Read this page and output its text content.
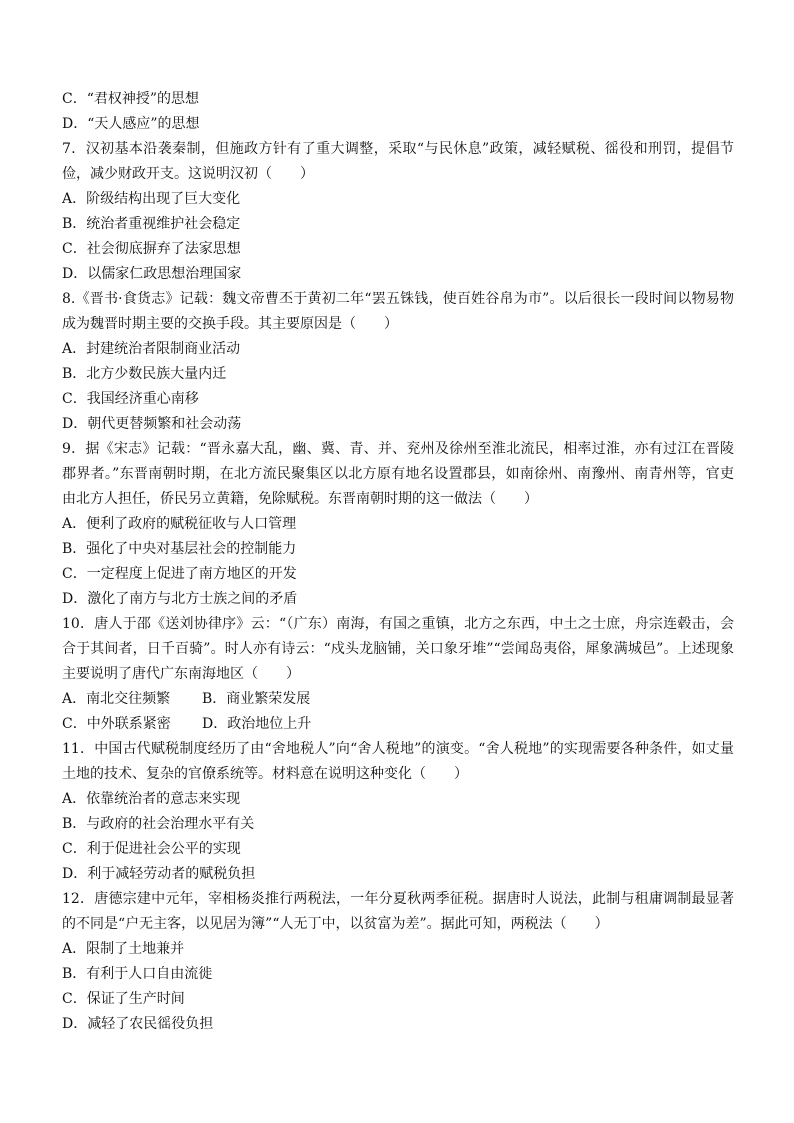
C．“君权神授”的思想

D．“天人感应”的思想

7．汉初基本沿袭秦制，但施政方针有了重大调整，采取“与民休息”政策，减轻赋税、徭役和刑罚，提倡节俭，减少财政开支。这说明汉初（　　）

A．阶级结构出现了巨大变化

B．统治者重视维护社会稳定

C．社会彻底摒弃了法家思想

D．以儒家仁政思想治理国家

8.《晋书·食货志》记载：魏文帝曹丕于黄初二年“罢五铢钱，使百姓谷帛为市”。以后很长一段时间以物易物成为魏晋时期主要的交换手段。其主要原因是（　　）

A．封建统治者限制商业活动

B．北方少数民族大量内迁

C．我国经济重心南移

D．朝代更替频繁和社会动荡

9．据《宋志》记载：“晋永嘉大乱，幽、冀、青、并、兖州及徐州至淮北流民，相率过淮，亦有过江在晋陵郡界者。”东晋南朝时期，在北方流民聚集区以北方原有地名设置郡县，如南徐州、南豫州、南青州等，官吏由北方人担任，侨民另立黄籍，免除赋税。东晋南朝时期的这一做法（　　）

A．便利了政府的赋税征收与人口管理

B．强化了中央对基层社会的控制能力

C．一定程度上促进了南方地区的开发

D．激化了南方与北方士族之间的矛盾

10．唐人于邵《送刘协律序》云：“（广东）南海，有国之重镇，北方之东西，中土之士庶，舟宗连毂击，会合于其间者，日千百骑”。时人亦有诗云：“戍头龙脑铺，关口象牙堆”“尝闻岛夷俗，犀象满城邑”。上述现象主要说明了唐代广东南海地区（　　）

A．南北交往频繁	B．商业繁荣发展
C．中外联系紧密	D．政治地位上升

11．中国古代赋税制度经历了由“舍地税人”向“舍人税地”的演变。“舍人税地”的实现需要各种条件，如丈量土地的技术、复杂的官僚系统等。材料意在说明这种变化（　　）

A．依靠统治者的意志来实现

B．与政府的社会治理水平有关

C．利于促进社会公平的实现

D．利于减轻劳动者的赋税负担

12．唐德宗建中元年，宰相杨炎推行两税法，一年分夏秋两季征税。据唐时人说法，此制与租庸调制最显著的不同是“户无主客，以见居为簿”“人无丁中，以贫富为差”。据此可知，两税法（　　）

A．限制了土地兼并

B．有利于人口自由流徙

C．保证了生产时间

D．减轻了农民徭役负担
